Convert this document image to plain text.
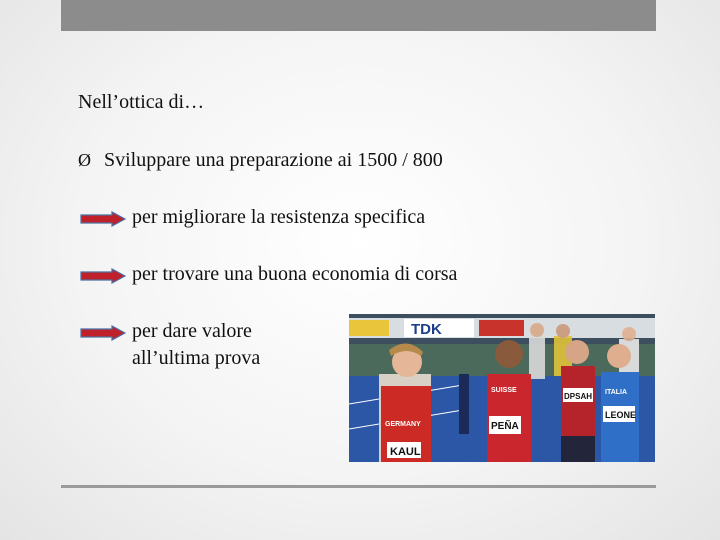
Nell’ottica di…
Ø Sviluppare una preparazione ai 1500 / 800
per migliorare la resistenza specifica
per trovare una buona economia di corsa
per dare valore
all’ultima prova
TDK
GERMANY
KAUL
SUISSE
PEÑA
DPSAH ITALIA
LEONE
